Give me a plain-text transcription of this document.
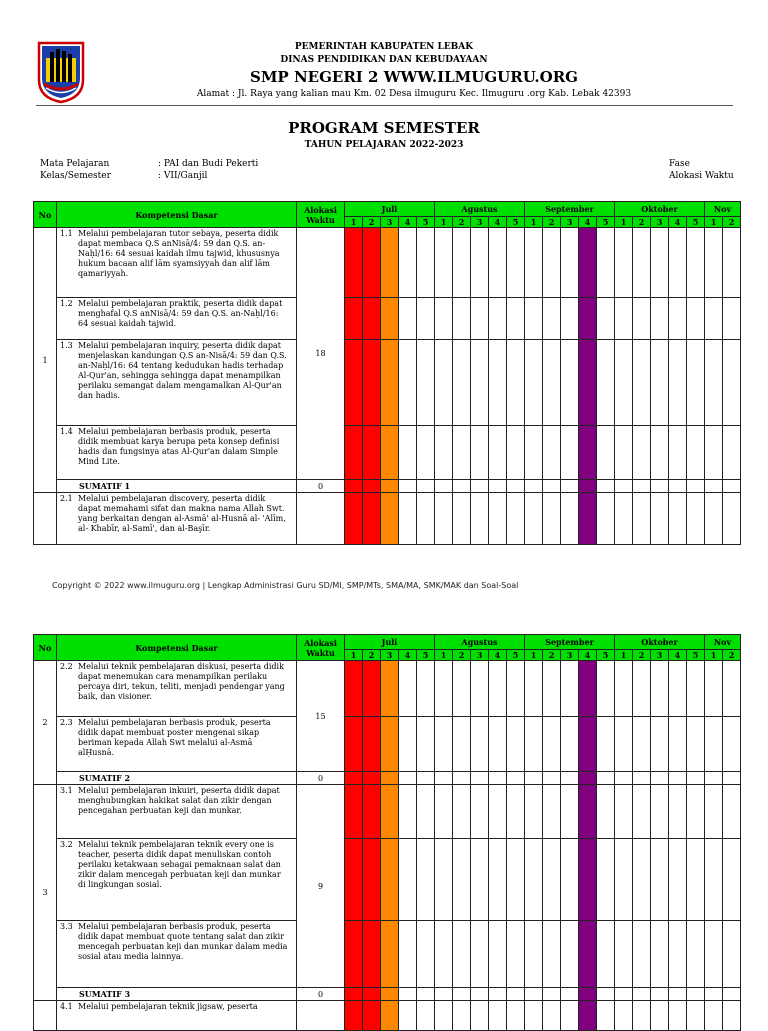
PEMERINTAH KABUPATEN LEBAK
DINAS PENDIDIKAN DAN KEBUDAYAAN
SMP NEGERI 2 WWW.ILMUGURU.ORG
Alamat : Jl. Raya yang kalian mau Km. 02 Desa ilmuguru Kec. Ilmuguru .org Kab. Lebak 42393
PROGRAM SEMESTER
TAHUN PELAJARAN 2022-2023
Mata Pelajaran
Kelas/Semester
: PAI dan Budi Pekerti
: VII/Ganjil
Fase
Alokasi Waktu
No	Kompetensi Dasar	Alokasi Waktu	Juli					Agustus					September					Oktober					Nov	
			1	2	3	4	5	1	2	3	4	5	1	2	3	4	5	1	2	3	4	5	1	2
1	1.1 Melalui pembelajaran tutor sebaya, peserta didik dapat membaca Q.S anNisā/4: 59 dan Q.S. an-Naḥl/16: 64 sesuai kaidah ilmu tajwid, khususnya hukum bacaan alif lām syamsiyyah dan alif lām qamariyyah.	18																						
	1.2 Melalui pembelajaran praktik, peserta didik dapat menghafal Q.S anNisā/4: 59 dan Q.S. an-Naḥl/16: 64 sesuai kaidah tajwid.																							
	1.3 Melalui pembelajaran inquiry, peserta didik dapat menjelaskan kandungan Q.S an-Nisā/4: 59 dan Q.S. an-Naḥl/16: 64 tentang kedudukan hadis terhadap Al-Qur'an, sehingga sehingga dapat menampilkan perilaku semangat dalam mengamalkan Al-Qur'an dan hadis.																							
	1.4 Melalui pembelajaran berbasis produk, peserta didik membuat karya berupa peta konsep definisi hadis dan fungsinya atas Al-Qur'an dalam Simple Mind Lite.																							
	SUMATIF 1	0																						
	2.1 Melalui pembelajaran discovery, peserta didik dapat memahami sifat dan makna nama Allah Swt. yang berkaitan dengan al-Asmā' al-Husnā al- 'Alīm, al- Khabīr, al-Samī', dan al-Başīr.																							
Copyright © 2022 www.ilmuguru.org | Lengkap Administrasi Guru SD/MI, SMP/MTs, SMA/MA, SMK/MAK dan Soal-Soal
No	Kompetensi Dasar	Alokasi Waktu	Juli					Agustus					September					Oktober					Nov	
			1	2	3	4	5	1	2	3	4	5	1	2	3	4	5	1	2	3	4	5	1	2
2	2.2 Melalui teknik pembelajaran diskusi, peserta didik dapat menemukan cara menampilkan perilaku percaya diri, tekun, teliti, menjadi pendengar yang baik, dan visioner.	15																						
	2.3 Melalui pembelajaran berbasis produk, peserta didik dapat membuat poster mengenai sikap beriman kepada Allah Swt melalui al-Asmā alḤusnā.																							
	SUMATIF 2	0																						
3	3.1 Melalui pembelajaran inkuiri, peserta didik dapat menghubungkan hakikat salat dan zikir dengan pencegahan perbuatan keji dan munkar.	9																						
	3.2 Melalui teknik pembelajaran teknik every one is teacher, peserta didik dapat menuliskan contoh perilaku ketakwaan sebagai pemaknaan salat dan zikir dalam mencegah perbuatan keji dan munkar di lingkungan sosial.																							
	3.3 Melalui pembelajaran berbasis produk, peserta didik dapat membuat quote tentang salat dan zikir mencegah perbuatan keji dan munkar dalam media sosial atau media lainnya.																							
	SUMATIF 3	0																						
	4.1 Melalui pembelajaran teknik jigsaw, peserta																							
